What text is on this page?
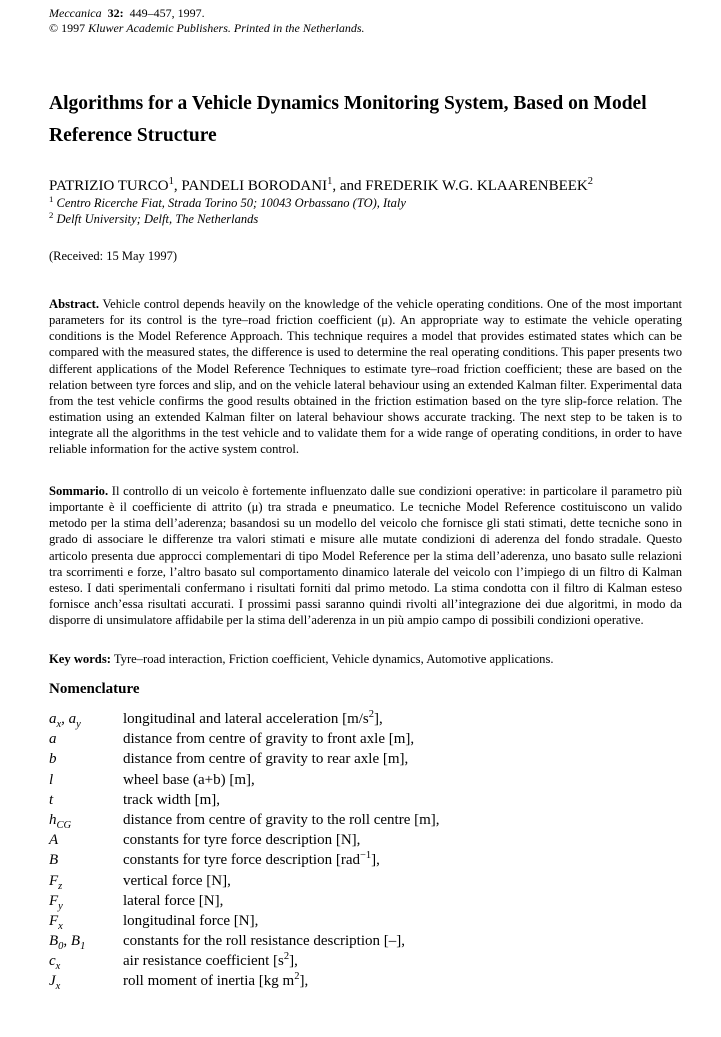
Meccanica 32: 449–457, 1997.
© 1997 Kluwer Academic Publishers. Printed in the Netherlands.
Algorithms for a Vehicle Dynamics Monitoring System, Based on Model Reference Structure
PATRIZIO TURCO$^1$, PANDELI BORODANI$^1$, and FREDERIK W.G. KLAARENBEEK$^2$
$^1$ Centro Ricerche Fiat, Strada Torino 50; 10043 Orbassano (TO), Italy
$^2$ Delft University; Delft, The Netherlands
(Received: 15 May 1997)
Abstract. Vehicle control depends heavily on the knowledge of the vehicle operating conditions. One of the most important parameters for its control is the tyre–road friction coefficient (μ). An appropriate way to estimate the vehicle operating conditions is the Model Reference Approach. This technique requires a model that provides estimated states which can be compared with the measured states, the difference is used to determine the real operating conditions. This paper presents two different applications of the Model Reference Techniques to estimate tyre–road friction coefficient; these are based on the relation between tyre forces and slip, and on the vehicle lateral behaviour using an extended Kalman filter. Experimental data from the test vehicle confirms the good results obtained in the friction estimation based on the tyre slip-force relation. The estimation using an extended Kalman filter on lateral behaviour shows accurate tracking. The next step to be taken is to integrate all the algorithms in the test vehicle and to validate them for a wide range of operating conditions, in order to have reliable information for the active system control.
Sommario. Il controllo di un veicolo è fortemente influenzato dalle sue condizioni operative: in particolare il parametro più importante è il coefficiente di attrito (μ) tra strada e pneumatico. Le tecniche Model Reference costituiscono un valido metodo per la stima dell’aderenza; basandosi su un modello del veicolo che fornisce gli stati stimati, dette tecniche sono in grado di associare le differenze tra valori stimati e misure alle mutate condizioni di aderenza del fondo stradale. Questo articolo presenta due approcci complementari di tipo Model Reference per la stima dell’aderenza, uno basato sulle relazioni tra scorrimenti e forze, l’altro basato sul comportamento dinamico laterale del veicolo con l’impiego di un filtro di Kalman esteso. I dati sperimentali confermano i risultati forniti dal primo metodo. La stima condotta con il filtro di Kalman esteso fornisce anch’essa risultati accurati. I prossimi passi saranno quindi rivolti all’integrazione dei due algoritmi, in modo da disporre di unsimulatore affidabile per la stima dell’aderenza in un più ampio campo di possibili condizioni operative.
Key words: Tyre–road interaction, Friction coefficient, Vehicle dynamics, Automotive applications.
Nomenclature
$a_x$, $a_y$	longitudinal and lateral acceleration $[m/s^2]$,
a	distance from centre of gravity to front axle [m],
b	distance from centre of gravity to rear axle [m],
l	wheel base (a+b) [m],
t	track width [m],
$h_{CG}$	distance from centre of gravity to the roll centre [m],
A	constants for tyre force description [N],
B	constants for tyre force description [rad$^{-1}$],
$F_z$	vertical force [N],
$F_y$	lateral force [N],
$F_x$	longitudinal force [N],
$B_0$, $B_1$	constants for the roll resistance description [–],
$c_x$	air resistance coefficient $[s^2]$,
$J_x$	roll moment of inertia [kg $m^2$],
